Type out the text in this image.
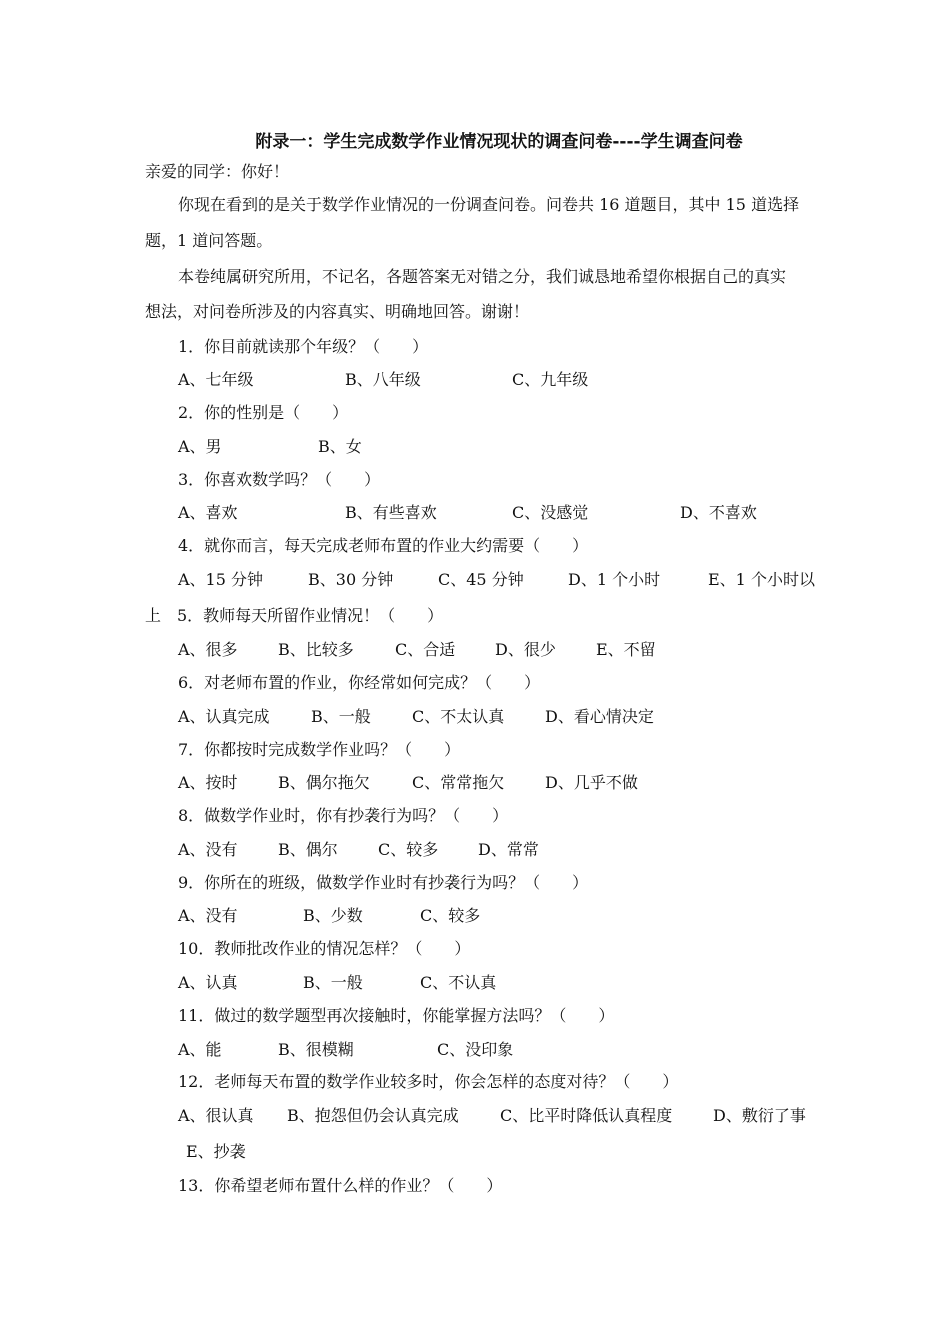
附录一：学生完成数学作业情况现状的调查问卷----学生调查问卷
亲爱的同学：你好！
你现在看到的是关于数学作业情况的一份调查问卷。问卷共 16 道题目，其中 15 道选择
题，1 道问答题。
本卷纯属研究所用，不记名，各题答案无对错之分，我们诚恳地希望你根据自己的真实
想法，对问卷所涉及的内容真实、明确地回答。谢谢！
1．你目前就读那个年级？（　　）
A、七年级	B、八年级	C、九年级
2．你的性别是（　　）
A、男	B、女
3．你喜欢数学吗？（　　）
A、喜欢	B、有些喜欢	C、没感觉	D、不喜欢
4．就你而言，每天完成老师布置的作业大约需要（　　）
A、15 分钟	B、30 分钟	C、45 分钟	D、1 个小时	E、1 个小时以
上　5．教师每天所留作业情况！（　　）
A、很多	B、比较多	C、合适 D、很少	E、不留
6．对老师布置的作业，你经常如何完成？（　　）
A、认真完成	B、一般	C、不太认真	D、看心情决定
7．你都按时完成数学作业吗？（　　）
A、按时	B、偶尔拖欠	C、常常拖欠	D、几乎不做
8．做数学作业时，你有抄袭行为吗？（　　）
A、没有	B、偶尔	C、较多 D、常常
9．你所在的班级，做数学作业时有抄袭行为吗？（　　）
A、没有	B、少数	C、较多
10．教师批改作业的情况怎样？（　　）
A、认真	B、一般	C、不认真
11．做过的数学题型再次接触时，你能掌握方法吗？（　　）
A、能	B、很模糊	C、没印象
12．老师每天布置的数学作业较多时，你会怎样的态度对待？（　　）
A、很认真 B、抱怨但仍会认真完成	C、比平时降低认真程度	D、敷衍了事
E、抄袭
13．你希望老师布置什么样的作业？（　　）
